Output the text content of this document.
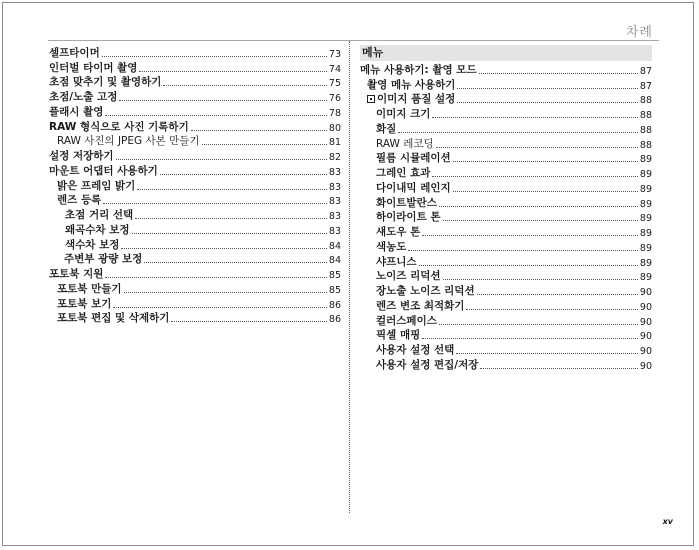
차례
셀프타이머	73
인터벌 타이머 촬영	74
초점 맞추기 및 촬영하기	75
초점/노출 고정	76
플래시 촬영	78
RAW 형식으로 사진 기록하기	80
RAW 사진의 JPEG 사본 만들기	81
설정 저장하기	82
마운트 어댑터 사용하기	83
밝은 프레임 밝기	83
렌즈 등록	83
초점 거리 선택	83
왜곡수차 보정	83
색수차 보정	84
주변부 광량 보정	84
포토북 지원	85
포토북 만들기	85
포토북 보기	86
포토북 편집 및 삭제하기	86
메뉴
메뉴 사용하기: 촬영 모드	87
촬영 메뉴 사용하기	87
이미지 품질 설정	88
이미지 크기	88
화질	88
RAW 레코딩	88
필름 시뮬레이션	89
그레인 효과	89
다이내믹 레인지	89
화이트발란스	89
하이라이트 톤	89
섀도우 톤	89
색농도	89
샤프니스	89
노이즈 리덕션	89
장노출 노이즈 리덕션	90
렌즈 변조 최적화기	90
컬러스페이스	90
픽셀 매핑	90
사용자 설정 선택	90
사용자 설정 편집/저장	90
xv
